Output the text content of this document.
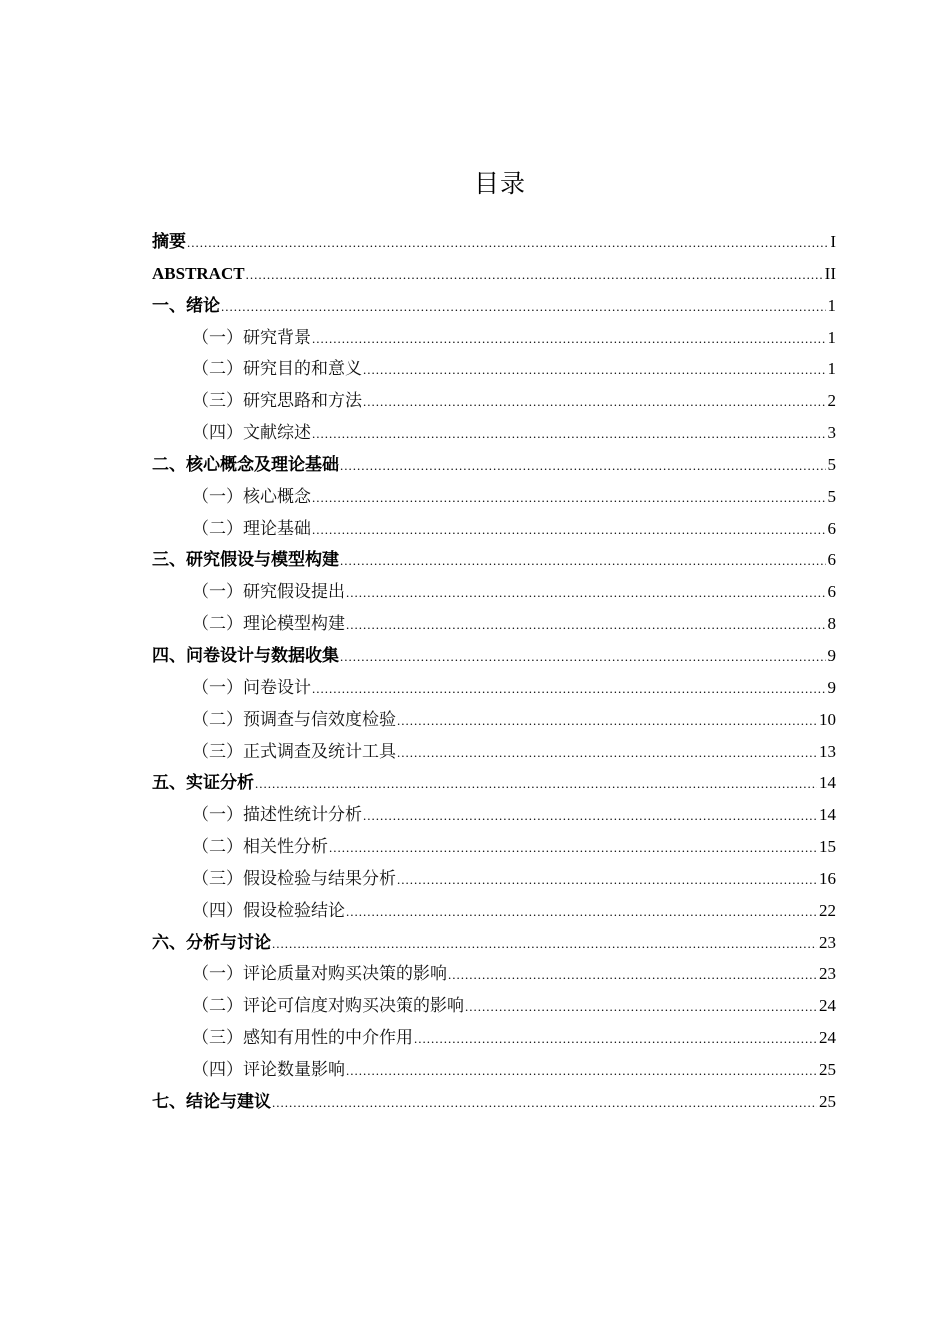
目录
摘要 .....	I
ABSTRACT .....	II
一、绪论 .....	1
（一）研究背景 .....	1
（二）研究目的和意义 .....	1
（三）研究思路和方法 .....	2
（四）文献综述 .....	3
二、核心概念及理论基础 .....	5
（一）核心概念 .....	5
（二）理论基础 .....	6
三、研究假设与模型构建 .....	6
（一）研究假设提出 .....	6
（二）理论模型构建 .....	8
四、问卷设计与数据收集 .....	9
（一）问卷设计 .....	9
（二）预调查与信效度检验 .....	10
（三）正式调查及统计工具 .....	13
五、实证分析 .....	14
（一）描述性统计分析 .....	14
（二）相关性分析 .....	15
（三）假设检验与结果分析 .....	16
（四）假设检验结论 .....	22
六、分析与讨论 .....	23
（一）评论质量对购买决策的影响 .....	23
（二）评论可信度对购买决策的影响 .....	24
（三）感知有用性的中介作用 .....	24
（四）评论数量影响 .....	25
七、结论与建议 .....	25
